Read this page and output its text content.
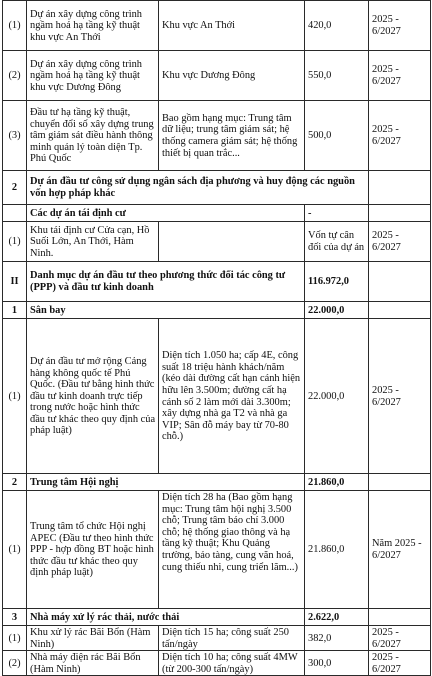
(1)	Dự án xây dựng công trình ngầm hoá hạ tầng kỹ thuật khu vực An Thới	Khu vực An Thới	420,0	2025 - 6/2027
(2)	Dự án xây dựng công trình ngầm hoá hạ tầng kỹ thuật khu vực Dương Đông	Khu vực Dương Đông	550,0	2025 - 6/2027
(3)	Đầu tư hạ tầng kỹ thuật, chuyển đổi số xây dựng trung tâm giám sát điều hành thông minh quản lý toàn diện Tp. Phú Quốc	Bao gồm hạng mục: Trung tâm dữ liệu; trung tâm giám sát; hệ thống camera giám sát; hệ thống thiết bị quan trắc...	500,0	2025 - 6/2027
2	Dự án đầu tư công sử dụng ngân sách địa phương và huy động các nguồn vốn hợp pháp khác			
	Các dự án tái định cư		-	
(1)	Khu tái định cư Cửa cạn, Hồ Suối Lớn, An Thới, Hàm Ninh.		Vốn tự cân đối của dự án	2025 - 6/2027
II	Danh mục dự án đầu tư theo phương thức đối tác công tư (PPP) và đầu tư kinh doanh		116.972,0	
1	Sân bay		22.000,0	
(1)	Dự án đầu tư mở rộng Cảng hàng không quốc tế Phú Quốc. (Đầu tư bằng hình thức đầu tư kinh doanh trực tiếp trong nước hoặc hình thức đầu tư khác theo quy định của pháp luật)	Diện tích 1.050 ha; cấp 4E, công suất 18 triệu hành khách/năm (kéo dài đường cất hạn cánh hiện hữu lên 3.500m; đường cất hạ cánh số 2 làm mới dài 3.300m; xây dựng nhà ga T2 và nhà ga VIP; Sân đỗ máy bay từ 70-80 chỗ.)	22.000,0	2025 - 6/2027
2	Trung tâm Hội nghị		21.860,0	
(1)	Trung tâm tổ chức Hội nghị APEC (Đầu tư theo hình thức PPP - hợp đồng BT hoặc hình thức đầu tư khác theo quy định pháp luật)	Diện tích 28 ha (Bao gồm hạng mục: Trung tâm hội nghị 3.500 chỗ; Trung tâm báo chí 3.000 chỗ; hệ thống giao thông và hạ tầng kỹ thuật; Khu Quảng trường, bảo tàng, cung văn hoá, cung thiếu nhi, cung triển lãm...)	21.860,0	Năm 2025 - 6/2027
3	Nhà máy xử lý rác thải, nước thải		2.622,0	
(1)	Khu xử lý rác Bãi Bổn (Hàm Ninh)	Diện tích 15 ha; công suất 250 tấn/ngày	382,0	2025 - 6/2027
(2)	Nhà máy điện rác Bãi Bổn (Hàm Ninh)	Diện tích 10 ha; công suất 4MW (từ 200-300 tấn/ngày)	300,0	2025 - 6/2027
